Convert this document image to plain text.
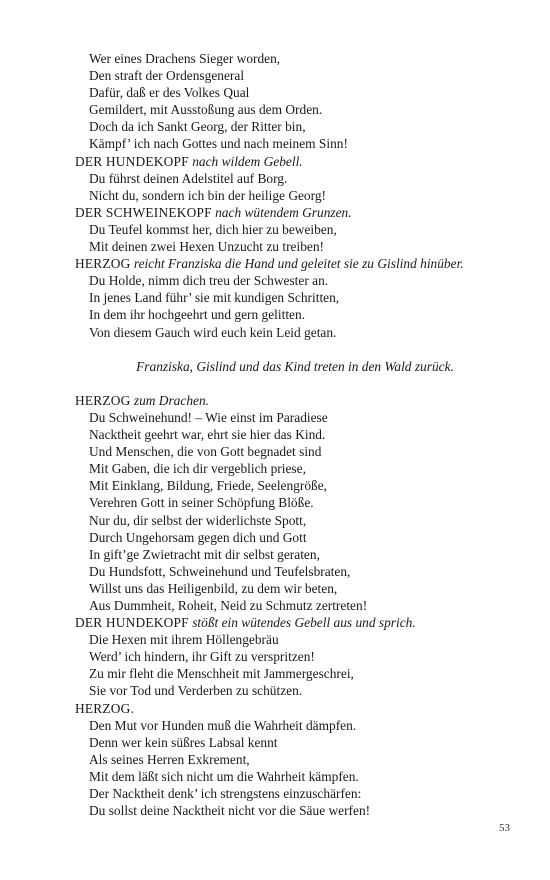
Wer eines Drachens Sieger worden,
Den straft der Ordensgeneral
Dafür, daß er des Volkes Qual
Gemildert, mit Ausstoßung aus dem Orden.
Doch da ich Sankt Georg, der Ritter bin,
Kämpf’ ich nach Gottes und nach meinem Sinn!
DER HUNDEKOPF nach wildem Gebell.
Du führst deinen Adelstitel auf Borg.
Nicht du, sondern ich bin der heilige Georg!
DER SCHWEINEKOPF nach wütendem Grunzen.
Du Teufel kommst her, dich hier zu beweiben,
Mit deinen zwei Hexen Unzucht zu treiben!
HERZOG reicht Franziska die Hand und geleitet sie zu Gislind hinüber.
Du Holde, nimm dich treu der Schwester an.
In jenes Land führ’ sie mit kundigen Schritten,
In dem ihr hochgeehrt und gern gelitten.
Von diesem Gauch wird euch kein Leid getan.
Franziska, Gislind und das Kind treten in den Wald zurück.
HERZOG zum Drachen.
Du Schweinehund! – Wie einst im Paradiese
Nacktheit geehrt war, ehrt sie hier das Kind.
Und Menschen, die von Gott begnadet sind
Mit Gaben, die ich dir vergeblich priese,
Mit Einklang, Bildung, Friede, Seelengröße,
Verehren Gott in seiner Schöpfung Blöße.
Nur du, dir selbst der widerlichste Spott,
Durch Ungehorsam gegen dich und Gott
In gift’ge Zwietracht mit dir selbst geraten,
Du Hundsfott, Schweinehund und Teufelsbraten,
Willst uns das Heiligenbild, zu dem wir beten,
Aus Dummheit, Roheit, Neid zu Schmutz zertreten!
DER HUNDEKOPF stößt ein wütendes Gebell aus und sprich.
Die Hexen mit ihrem Höllengebräu
Werd’ ich hindern, ihr Gift zu verspritzen!
Zu mir fleht die Menschheit mit Jammergeschrei,
Sie vor Tod und Verderben zu schützen.
HERZOG.
Den Mut vor Hunden muß die Wahrheit dämpfen.
Denn wer kein süßres Labsal kennt
Als seines Herren Exkrement,
Mit dem läßt sich nicht um die Wahrheit kämpfen.
Der Nacktheit denk’ ich strengstens einzuschärfen:
Du sollst deine Nacktheit nicht vor die Säue werfen!
53
